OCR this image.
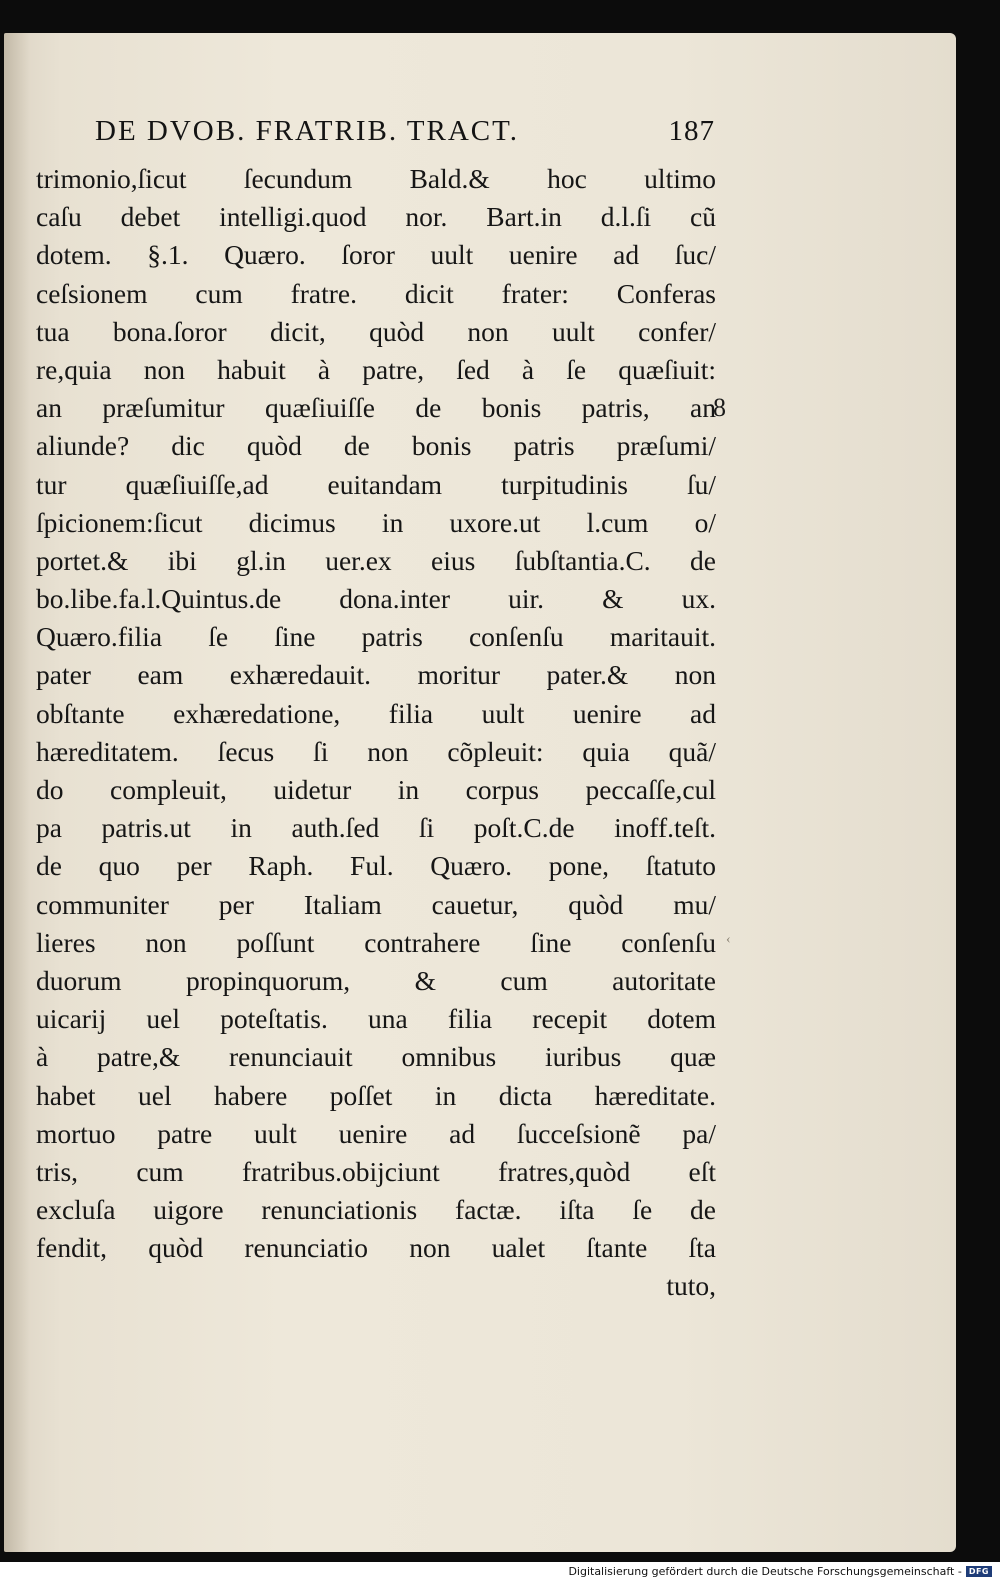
DE DVOB. FRATRIB. TRACT.	187
trimonio,ſicut ſecundum Bald.& hoc ultimo
caſu debet intelligi.quod nor. Bart.in d.l.ſi cũ
dotem. §.1. Quæro. ſoror uult uenire ad ſuc/
ceſsionem cum fratre. dicit frater: Conferas
tua bona.ſoror dicit, quòd non uult confer/
re,quia non habuit à patre, ſed à ſe quæſiuit:
an præſumitur quæſiuiſſe de bonis patris, an
aliunde? dic quòd de bonis patris præſumi/
tur quæſiuiſſe,ad euitandam turpitudinis ſu/
ſpicionem:ſicut dicimus in uxore.ut l.cum o/
portet.& ibi gl.in uer.ex eius ſubſtantia.C. de
bo.libe.fa.l.Quintus.de dona.inter uir. & ux.
Quæro.filia ſe ſine patris conſenſu maritauit.
pater eam exhæredauit. moritur pater.& non
obſtante exhæredatione, filia uult uenire ad
hæreditatem. ſecus ſi non cõpleuit: quia quã/
do compleuit, uidetur in corpus peccaſſe,cul
pa patris.ut in auth.ſed ſi poſt.C.de inoff.teſt.
de quo per Raph. Ful. Quæro. pone, ſtatuto
communiter per Italiam cauetur, quòd mu/
lieres non poſſunt contrahere ſine conſenſu
duorum propinquorum, & cum autoritate
uicarij uel poteſtatis. una filia recepit dotem
à patre,& renunciauit omnibus iuribus quæ
habet uel habere poſſet in dicta hæreditate.
mortuo patre uult uenire ad ſucceſsionẽ pa/
tris, cum fratribus.obijciunt fratres,quòd eſt
excluſa uigore renunciationis factæ. iſta ſe de
fendit, quòd renunciatio non ualet ſtante ſta
tuto,
8
‹
Digitalisierung gefördert durch die Deutsche Forschungsgemeinschaft - DFG
